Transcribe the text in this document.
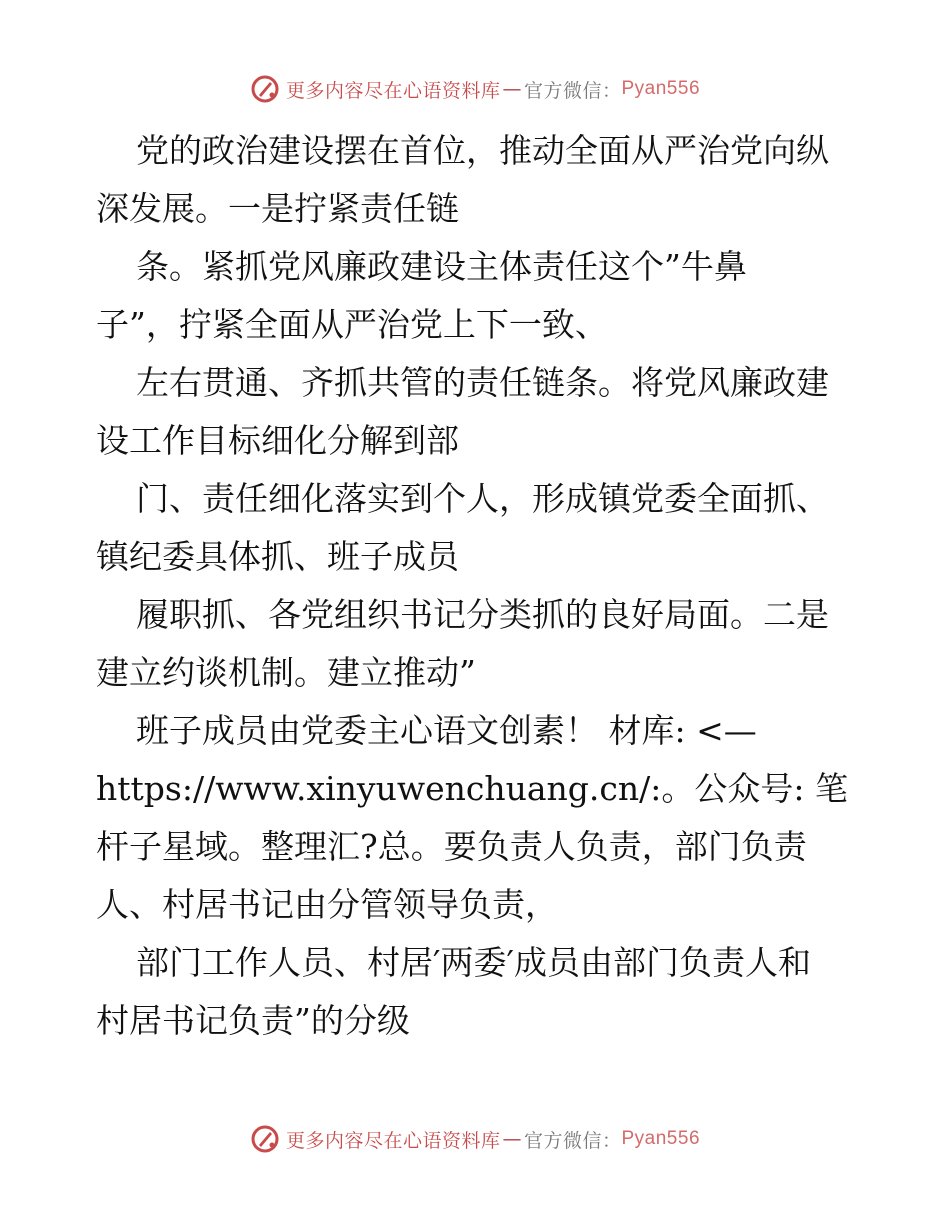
更多内容尽在心语资料库 — 官方微信： Pyan556
党的政治建设摆在首位，推动全面从严治党向纵
深发展。一是拧紧责任链
条。紧抓党风廉政建设主体责任这个”牛鼻
子”，拧紧全面从严治党上下一致、
左右贯通、齐抓共管的责任链条。将党风廉政建
设工作目标细化分解到部
门、责任细化落实到个人，形成镇党委全面抓、
镇纪委具体抓、班子成员
履职抓、各党组织书记分类抓的良好局面。二是
建立约谈机制。建立推动”
班子成员由党委主心语文创素！ 材库: <—
https://www.xinyuwenchuang.cn/:。公众号: 笔
杆子星域。整理汇?总。要负责人负责，部门负责
人、村居书记由分管领导负责，
部门工作人员、村居′两委′成员由部门负责人和
村居书记负责”的分级
更多内容尽在心语资料库 — 官方微信： Pyan556
